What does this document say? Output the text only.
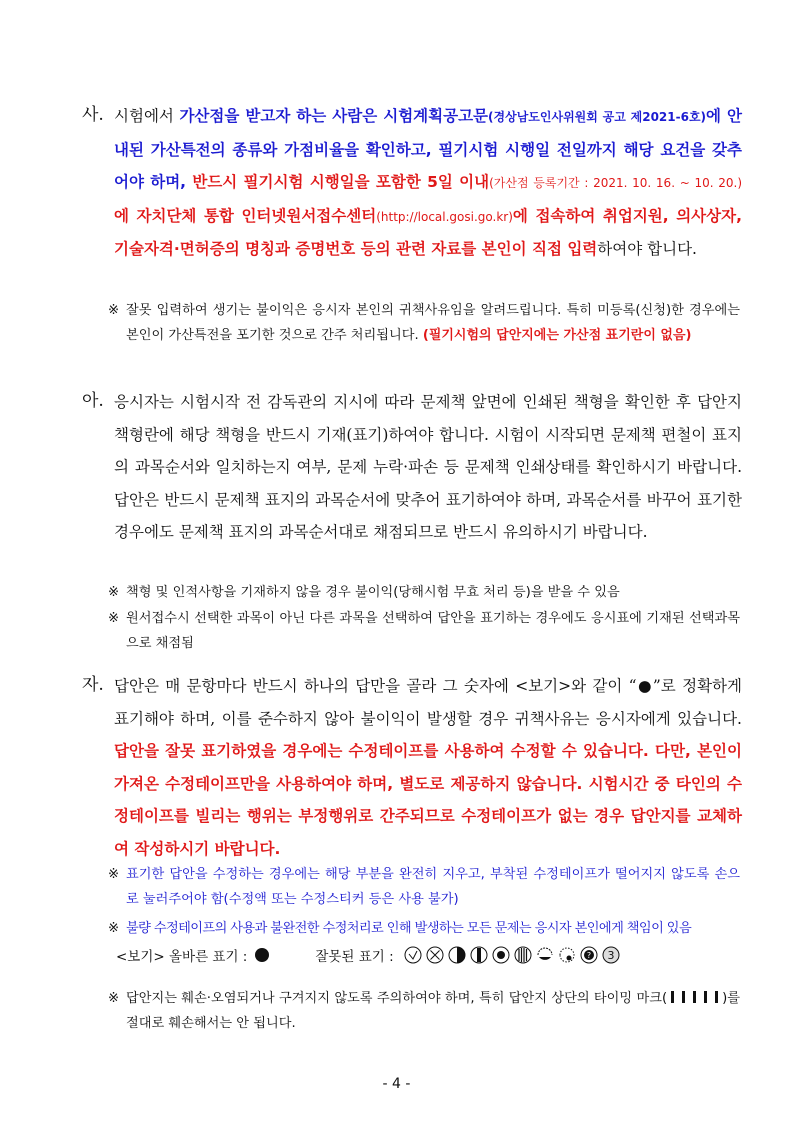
사. 시험에서 가산점을 받고자 하는 사람은 시험계획공고문(경상남도인사위원회 공고 제2021-6호)에 안내된 가산특전의 종류와 가점비율을 확인하고, 필기시험 시행일 전일까지 해당 요건을 갖추어야 하며, 반드시 필기시험 시행일을 포함한 5일 이내(가산점 등록기간 : 2021. 10. 16. ~ 10. 20.)에 자치단체 통합 인터넷원서접수센터(http://local.gosi.go.kr)에 접속하여 취업지원, 의사상자, 기술자격·면허증의 명칭과 증명번호 등의 관련 자료를 본인이 직접 입력하여야 합니다.
※ 잘못 입력하여 생기는 불이익은 응시자 본인의 귀책사유임을 알려드립니다. 특히 미등록(신청)한 경우에는 본인이 가산특전을 포기한 것으로 간주 처리됩니다. (필기시험의 답안지에는 가산점 표기란이 없음)
아. 응시자는 시험시작 전 감독관의 지시에 따라 문제책 앞면에 인쇄된 책형을 확인한 후 답안지 책형란에 해당 책형을 반드시 기재(표기)하여야 합니다. 시험이 시작되면 문제책 편철이 표지의 과목순서와 일치하는지 여부, 문제 누락·파손 등 문제책 인쇄상태를 확인하시기 바랍니다. 답안은 반드시 문제책 표지의 과목순서에 맞추어 표기하여야 하며, 과목순서를 바꾸어 표기한 경우에도 문제책 표지의 과목순서대로 채점되므로 반드시 유의하시기 바랍니다.
※ 책형 및 인적사항을 기재하지 않을 경우 불이익(당해시험 무효 처리 등)을 받을 수 있음
※ 원서접수시 선택한 과목이 아닌 다른 과목을 선택하여 답안을 표기하는 경우에도 응시표에 기재된 선택과목으로 채점됨
자. 답안은 매 문항마다 반드시 하나의 답만을 골라 그 숫자에 <보기>와 같이 “●”로 정확하게 표기해야 하며, 이를 준수하지 않아 불이익이 발생할 경우 귀책사유는 응시자에게 있습니다. 답안을 잘못 표기하였을 경우에는 수정테이프를 사용하여 수정할 수 있습니다. 다만, 본인이 가져온 수정테이프만을 사용하여야 하며, 별도로 제공하지 않습니다. 시험시간 중 타인의 수정테이프를 빌리는 행위는 부정행위로 간주되므로 수정테이프가 없는 경우 답안지를 교체하여 작성하시기 바랍니다.
※ 표기한 답안을 수정하는 경우에는 해당 부분을 완전히 지우고, 부착된 수정테이프가 떨어지지 않도록 손으로 눌러주어야 함(수정액 또는 수정스티커 등은 사용 불가)
※ 불량 수정테이프의 사용과 불완전한 수정처리로 인해 발생하는 모든 문제는 응시자 본인에게 책임이 있음
<보기> 올바른 표기 :	잘못된 표기 :	? 3
※ 답안지는 훼손·오염되거나 구겨지지 않도록 주의하여야 하며, 특히 답안지 상단의 타이밍 마크(	)를 절대로 훼손해서는 안 됩니다.
- 4 -
